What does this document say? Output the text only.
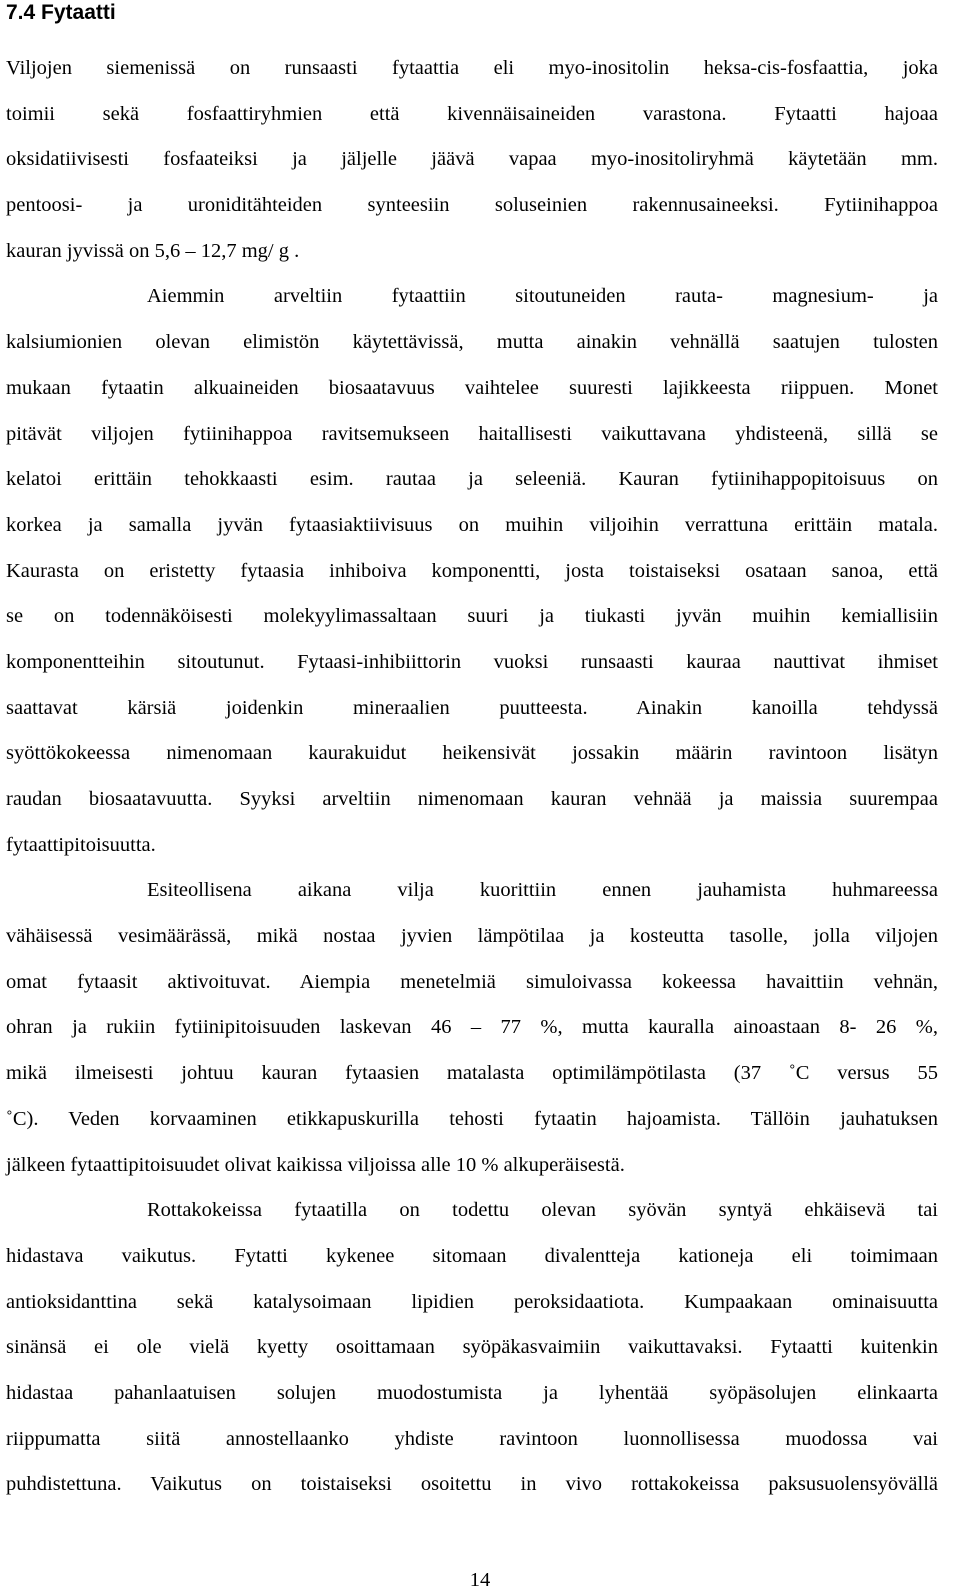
7.4 Fytaatti
Viljojen siemenissä on runsaasti fytaattia eli myo-inositolin heksa-cis-fosfaattia, joka
toimii sekä fosfaattiryhmien että kivennäisaineiden varastona. Fytaatti hajoaa
oksidatiivisesti fosfaateiksi ja jäljelle jäävä vapaa myo-inositoliryhmä käytetään mm.
pentoosi- ja uroniditähteiden synteesiin soluseinien rakennusaineeksi. Fytiinihappoa
kauran jyvissä on 5,6 – 12,7 mg/ g .
Aiemmin arveltiin fytaattiin sitoutuneiden rauta- magnesium- ja
kalsiumionien olevan elimistön käytettävissä, mutta ainakin vehnällä saatujen tulosten
mukaan fytaatin alkuaineiden biosaatavuus vaihtelee suuresti lajikkeesta riippuen. Monet
pitävät viljojen fytiinihappoa ravitsemukseen haitallisesti vaikuttavana yhdisteenä, sillä se
kelatoi erittäin tehokkaasti esim. rautaa ja seleeniä. Kauran fytiinihappopitoisuus on
korkea ja samalla jyvän fytaasiaktiivisuus on muihin viljoihin verrattuna erittäin matala.
Kaurasta on eristetty fytaasia inhiboiva komponentti, josta toistaiseksi osataan sanoa, että
se on todennäköisesti molekyylimassaltaan suuri ja tiukasti jyvän muihin kemiallisiin
komponentteihin sitoutunut. Fytaasi-inhibiittorin vuoksi runsaasti kauraa nauttivat ihmiset
saattavat kärsiä joidenkin mineraalien puutteesta. Ainakin kanoilla tehdyssä
syöttökokeessa nimenomaan kaurakuidut heikensivät jossakin määrin ravintoon lisätyn
raudan biosaatavuutta. Syyksi arveltiin nimenomaan kauran vehnää ja maissia suurempaa
fytaattipitoisuutta.
Esiteollisena aikana vilja kuorittiin ennen jauhamista huhmareessa
vähäisessä vesimäärässä, mikä nostaa jyvien lämpötilaa ja kosteutta tasolle, jolla viljojen
omat fytaasit aktivoituvat. Aiempia menetelmiä simuloivassa kokeessa havaittiin vehnän,
ohran ja rukiin fytiinipitoisuuden laskevan 46 – 77 %, mutta kauralla ainoastaan 8- 26 %,
mikä ilmeisesti johtuu kauran fytaasien matalasta optimilämpötilasta (37 ˚C versus 55
˚C). Veden korvaaminen etikkapuskurilla tehosti fytaatin hajoamista. Tällöin jauhatuksen
jälkeen fytaattipitoisuudet olivat kaikissa viljoissa alle 10 % alkuperäisestä.
Rottakokeissa fytaatilla on todettu olevan syövän syntyä ehkäisevä tai
hidastava vaikutus. Fytatti kykenee sitomaan divalentteja kationeja eli toimimaan
antioksidanttina sekä katalysoimaan lipidien peroksidaatiota. Kumpaakaan ominaisuutta
sinänsä ei ole vielä kyetty osoittamaan syöpäkasvaimiin vaikuttavaksi. Fytaatti kuitenkin
hidastaa pahanlaatuisen solujen muodostumista ja lyhentää syöpäsolujen elinkaarta
riippumatta siitä annostellaanko yhdiste ravintoon luonnollisessa muodossa vai
puhdistettuna. Vaikutus on toistaiseksi osoitettu in vivo rottakokeissa paksusuolensyövällä
14
